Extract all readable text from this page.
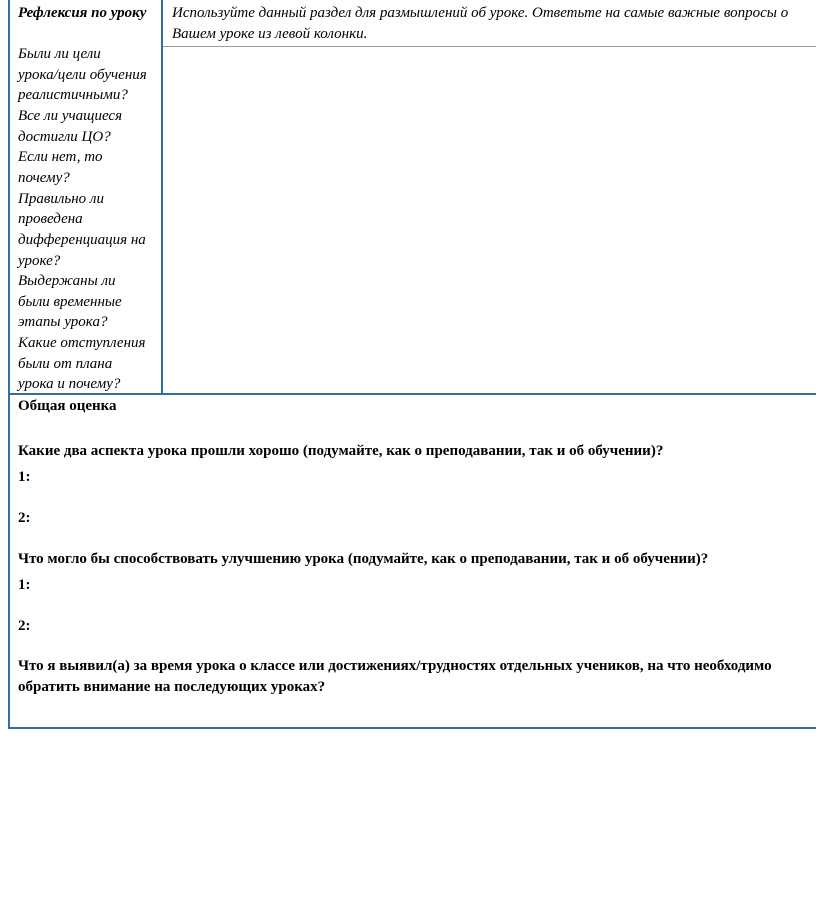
Рефлексия по уроку
Были ли цели
урока/цели обучения
реалистичными?
Все ли учащиеся
достигли ЦО?
Если нет, то
почему?
Правильно ли
проведена
дифференциация на
уроке?
Выдержаны ли
были временные
этапы урока?
Какие отступления
были от плана
урока и почему?
Используйте данный раздел для размышлений об уроке. Ответьте на самые важные вопросы о
Вашем уроке из левой колонки.
Общая оценка
Какие два аспекта урока прошли хорошо (подумайте, как о преподавании, так и об обучении)?
1:
2:
Что могло бы способствовать улучшению урока (подумайте, как о преподавании, так и об обучении)?
1:
2:
Что я выявил(а) за время урока о классе или достижениях/трудностях отдельных учеников, на что необходимо
обратить внимание на последующих уроках?
